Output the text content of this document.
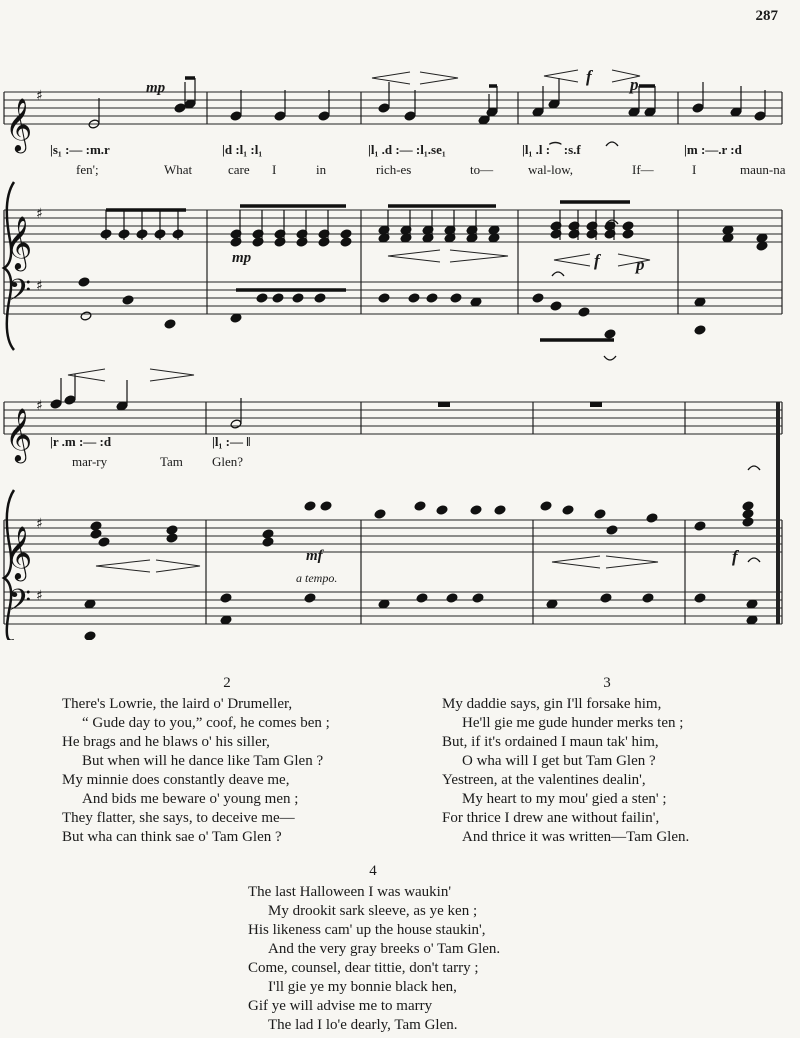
287
𝄞
𝄞
𝄞
𝄞
𝄢
𝄢
♯
♯
♯
♯
♯
♯
mp
f p
mp	f p
mf
a tempo.
f
|s₁ :— :m.r	|d :l₁ :l₁	|l₁ .d :— :l₁.se₁	|l₁ .l :⁀ :s.f	|m :—.r :d
fen';	What	care I	in	rich-es	to—	wal-low,	If—	I	maun-na
|r .m :— :d	|l₁ :— ‖
mar-ry	Tam Glen?
2
There's Lowrie, the laird o' Drumeller,
“ Gude day to you,” coof, he comes ben ;
He brags and he blaws o' his siller,
But when will he dance like Tam Glen ?
My minnie does constantly deave me,
And bids me beware o' young men ;
They flatter, she says, to deceive me—
But wha can think sae o' Tam Glen ?
3
My daddie says, gin I'll forsake him,
He'll gie me gude hunder merks ten ;
But, if it's ordained I maun tak' him,
O wha will I get but Tam Glen ?
Yestreen, at the valentines dealin',
My heart to my mou' gied a sten' ;
For thrice I drew ane without failin',
And thrice it was written—Tam Glen.
4
The last Halloween I was waukin'
My drookit sark sleeve, as ye ken ;
His likeness cam' up the house staukin',
And the very gray breeks o' Tam Glen.
Come, counsel, dear tittie, don't tarry ;
I'll gie ye my bonnie black hen,
Gif ye will advise me to marry
The lad I lo'e dearly, Tam Glen.
